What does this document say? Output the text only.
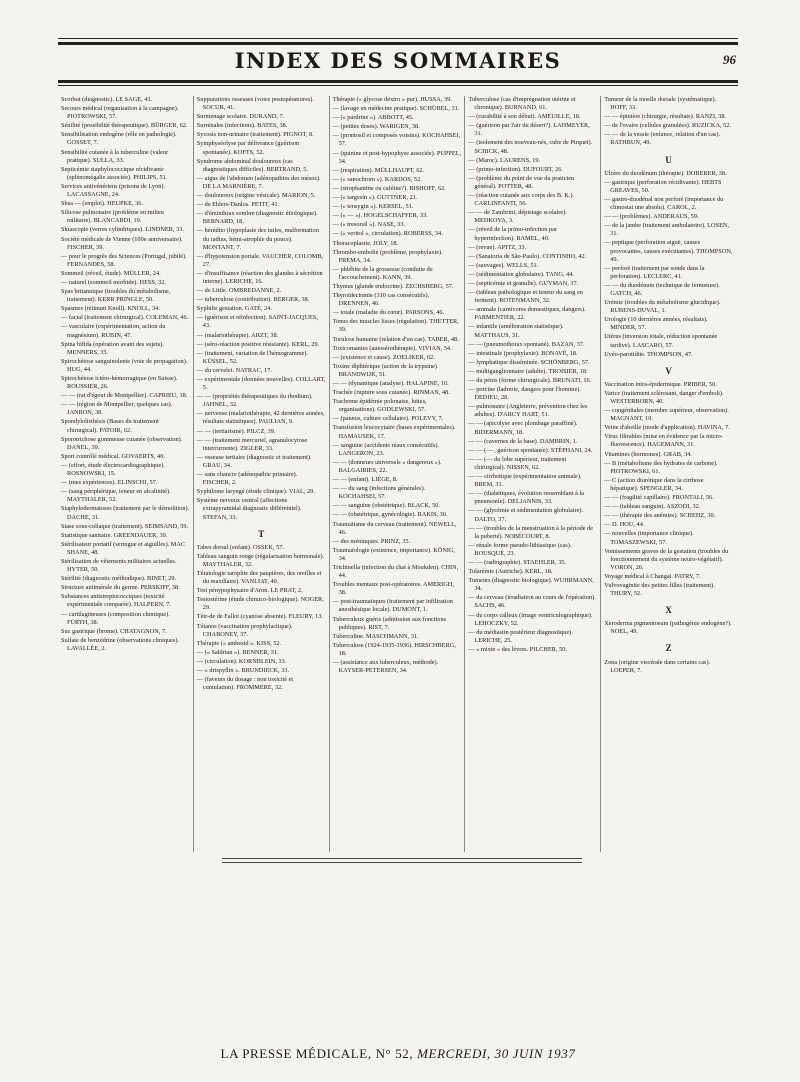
INDEX DES SOMMAIRES	96
Scorbut (diagnostic). LE SAGE, 43.
Secours médical (organisation à la campagne). PIOTROWSKI, 57.
Sénilité (possibilité thérapeutique). BÜRGER, 62.
Sensibilisation endogène (rôle en pathologie). GOSSET, 7.
Sensibilité cutanée à la tuberculine (valeur pratique). SULLA, 33.
Septicémie staphylococcique récidivante (splénomégalie associée). PHILIPS, 51.
Services antivénériens (prisons de Lyon). LACASSAGNE, 24.
Sbsa — (emploi). HEUPKE, 36.
Silicose pulmonaire (problème en milieu militaire). BLANCARDI, 19.
Skiascopie (verres cylindriques). LINDNER, 33.
Société médicale de Vienne (100e anniversaire). FISCHER, 39.
— pour le progrès des Sciences (Portugal, jubilé). FERNANDES, 58.
Sommeil (réveil, étude). MÜLLER, 24.
— naturel (sommeil morbide). HESS, 32.
Spas britannique (troubles du métabolisme, traitement). KERR PRINGLE, 50.
Spasmes (rétinum Knoll). KNOLL, 34.
— facial (traitement chirurgical). COLEMAN, 46.
— vasculaire (expérimentation, action du magnésium). RUBIN, 47.
Spina bifida (opération avant des sujets). MENNERS, 35.
Spirochétose sanguinolente (voie de propagation). HUG, 44.
Spirochétose ictéro-hémorragique (en Suisse). ROUSSIER, 26.
— — (rat d'égout de Montpellier). CAPRIEU, 18.
— — (région de Montpellier, quelques cas). JANBON, 38.
Spondylolisthésis (Bases du traitement chirurgical). PATOIR, 62.
Sporotrichose gommeuse cutanée (observation). DANEL, 39.
Sport contrôlé médical. GOVAERTS, 40.
— (effort, étude électrocardiographique). ROSNOWSKI, 15.
— (mes expériences). ELINSCHI, 57.
— (sang périphérique, teneur en alcalinité). MAYTHALER, 52.
Staphylodermatoses (traitement par le démolition). DACHE, 31.
Stase sous-coliaque (traitement). SEIMSAND, 59.
Statistique sanitaire. GREENDAUER, 39.
Stérilisateur portatif (seringue et aiguilles). MAC SHANE, 48.
Stérilisation de vêtements militaires actuelles. HYTER, 50.
Stérilité (diagnostic méthodique). BINET, 29.
Structure antimérale du germe. PERSKIFF, 38.
Substances antistreptococciques (toxicité expérimentale comparée). HALPERN, 7.
— cartilagineuses (composition chimique). FÜRTH, 38.
Suc gastrique (brome). CHATAGNON, 7.
Sulfate de benzédrine (observations cliniques). LAVALLÉE, 2.
Suppurations osseuses (voies postopératoires). SOCUR, 41.
Surmenage scolaire. DURAND, 7.
Surrénales (infections). BATES, 38.
Sycosis non-urinaire (traitement). PIGNOT, 8.
Symphyséolyse par délivrance (guérison spontanée). KOFTS, 52.
Syndrome abdominal douloureux (cas diagnostiques difficiles). BERTRAND, 5.
— aigus de l'abdomen (adénopathies des mésos). DE LA MARNIÈRE, 7.
— douloureux (origine vésicale). MARION, 5.
— de Ehlers-Danlos. PETIT, 41.
— d'éminthrax sombre (diagnostic étiologique). BERNARD, 18.
— hérédito (hypoplasie des tuiles, malformation du radius, hémi-atrophie du pouce). MONTANT, 7.
— d'hypotension portale. VAUCHER, COLOMB, 27.
— d'insuffisance (réaction des glandes à sécrétion interne). LERICHE, 16.
— de Little. OMBREDANNE, 2.
— tuberculose (contribution). BERGER, 38.
Syphilis gestation. GATÉ, 24.
— (guérison et réinfection). SAINT-JACQUES, 43.
— (malariothérapie). ARZT, 38.
— (séro-réaction positive résistante). KERL, 29.
— (traitement, variation de l'hémogramme). KÜSSEL, 52.
— du cervelet. NATRAC, 17.
— expérimentale (données nouvelles). COLLART, 5.
— — (propriétés thérapeutiques du rhodium). JAHNEL, 32.
— nerveuse (malariothérapie, 42 dernières années, résultats statistiques). PAULIAN, 9.
— — (tertiarisme). PILCZ, 39.
— — (traitement mercuriel, agranulocytose intercurrente). ZIGLER, 33.
— osseuse tertiaire (diagnostic et traitement). GRAU, 34.
— sans chancre (adénopathie primaire). FISCHER, 2.
Syphilome laryngé (étude clinique). VIAL, 29.
Système nerveux central (affections extrapyramidal diagnostic différentiel). STEFAN, 33.
T
Tabes dorsal (enfant). OSSEK, 57.
Tableau sanguin rouge (régularisation hormonale). MAYTHALER, 32.
Tératologie tarophie des paupières, des oreilles et du maxillaire). VANLIAT, 40.
Test pénypophysaire d'Aron. LE PRAT, 2.
Testostérine (étude chimico-biologique). NOGER, 29.
Tétr-de de Fallot (cyanose absente). FLEURY, 13.
Tétanos (vaccination prophylactique). CHABONEY, 37.
Thérapie (« ambesid ». KISS, 52.
— (« Saldrian »). RENNER, 31.
— (circulation). KORNBLEIN, 33.
— « drispyllin ». BRUNDIECK, 33.
— (faveurs du dosage : non toxicité et cumulation). FROMMERE, 32.
Thérapie (« glycose dextro » pur). HUSSA, 39.
— (lavage en médecine pratique). SCHÜBEL, 31.
— (« pardrine »). ABBOTT, 45.
— (petites doses). WARIGEN, 38.
— (prontosil et composés voisins). KOCHAHSEI, 57.
— (quinine et post-hypophyse associée). PUPPEL, 34.
— (respiration). MÜLLHAUPT, 62.
— (« sanochrom »). KARDOS, 52.
— (strophantine ou caféine?). BISHOFF, 62.
— (« targesin »). GUTTNER, 21.
— (« tensygin »). KERSEL, 51.
— (« — »). HOGELSCHAFFER, 33.
— (« tresorsil »). NASE, 33.
— (« veritol », circulation). ROBERSS, 34.
Thoracoplastie. JOLY, 18.
Thrombo-embolie (problème, prophylaxie). PREMA, 34.
— phlébite de la grossesse (conduite de l'accouchement). KANN, 39.
Thymus (glande endocrine). ZECHSHERG, 57.
Thyroïdectomie (310 cas consécutifs). DRENNEN, 46.
— totale (maladie du cœur). PARSONS, 46.
Tonus des muscles lisses (régulation). THETTER, 39.
Torulose humaine (relation d'un cas). TABER, 48.
Toxicomanies (autosérothérapie). VIVIAN, 54.
— (existence et cause). ZOELIKER, 62.
Toxine diphtérique (action de la trypsine). BRANDWIJK, 51.
— — (dynamique (analyse). HALAPINE, 10.
Trachée (rupture sous cutanée). RINMAN, 48.
Trachome épidémie polonaise, luttes, organisations). GODLEWSKI, 57.
— (pannus, culture cellulaire). POLEVY, 7.
Transfusion leucocytaire (bases expérimentales). HAMAUSEK, 17.
— sanguine (accidents réaux consécutifs). LANGERON, 23.
— — (donneurs universels « dangereux »). BALGAIRIES, 22.
— — (enfant). LIÉGE, 8.
— — du sang (infections générales). KOCHAHSEI, 57.
— — sanguine (obstétrique). BLACK, 50.
— — (obstétrique, gynécologie). RAKIS, 30.
Traumatisme du cerveau (traitement). NEWELL, 46.
— des méninques. PRINZ, 35.
Traumatologie (existence, importance). KÖNIG, 34.
Trichinella (infection du chat à Moukden). CHIN, 44.
Troubles mentaux post-opératoires. AMERIGH, 38.
— post-traumatiques (traitement par infiltration anesthésique locale). DUMONT, 1.
Tuberculeux guéris (admission aux fonctions publiques). RIST, 7.
Tuberculine. MASCHMANN, 31.
Tuberculose (1924-1935-1936). HIRSCHBERG, 18.
— (assistance aux tuberculeux, méthode). KAYSER-PETERSEN, 34.
Tuberculose (cas d'imprégnation utérine et chronique). BURNAND, 61.
— (curabilité à son début). AMEUILLE, 18.
— (guérison par l'air du désert?). LAHMEYER, 31.
— (isolement des nouveau-nés, cube de Pirquet). SCHICK, 48.
— (Maroc). LAURENS, 19.
— (primo-infection). DUFOURT, 26.
— (problème du point de vue du praticien général). POTTER, 48.
— (réaction cutanée aux corps des B. K.). CARLINFANTI, 56.
— — de Zambrini, dépistage scolaire). MEDKOVA, 3.
— (réveil de la primo-infection par hyperinfection). RAMEL, 40.
— (revue). APITZ, 33.
— (Sanatoria de São-Paulo). CONTINHO, 42.
— (sauvages). WELLS, 51.
— (sédimentation globulaire). TANG, 44.
— (septicémie et granulie). GUYMAN, 37.
— (tableau pathologique et teneur du sang en ferment). ROTENMANN, 32.
— animale (carnivores domestiques, dangers). PARMENTIER, 22.
— infantile (amélioration statistique). MATTHAUS, 31.
— — (pneumothorax spontané). BAZAN, 37.
— intestinale (prophylaxie). BONAVÉ, 18.
— lymphatique disséminée. SCHÖNBERG, 57.
— multiganglionnaire (adulte). TROISIER, 18.
— du pénis (forme chirurgicale). BRUNATI, 16.
— porcine (ladrerie, dangers pour l'homme). DEDIEU, 28.
— pulmonaire (Angleterre, prévention chez les adultes). D'ARCY HART, 51.
— — (apicolyse avec plombage paraffiné). BIDERMANN, 18.
— — (cavernes de la base). DAMBRIN, 1.
— — (— , guérison spontanée). STÉPHANI, 24.
— — (— du lobe supérieur, traitement chirurgical). NISSEN, 62.
— — cirrhotique (expérimentation animale). BREM, 31.
— — (diabétiques, évolution ressemblant à la pneumonie). DELJANNIS, 33.
— — (glycémie et sédimentation globulaire). DALTO, 37.
— — (troubles de la menstruation à la période de la puberté). NOBÉCOURT, 8.
— rénale forme pseudo-lithiasique (cas). BOUSQUÉ, 23.
— — (radiographie). STAEHLER, 35.
Tularémie (Autriche). KERL, 18.
Tumeurs (diagnostic biologique). WUHRMANN, 34.
— du cerveau (irradiation au cours de l'opération). SACHS, 46.
— du corps calleux (image ventriculographique). LEHOCZKY, 52.
— du médiastin postérieur diagnostique). LERICHE, 25.
— « mixte » des lèvres. PILCHER, 50.
Tumeur de la moelle dorsale (systématique). HOFF, 33.
— — épinière (chirurgie, résultats). RANZI, 38.
— de l'ovaire (cellules granulées). RUZICKA, 52.
— — de la vessie (enfance, relation d'un cas). RATHBUN, 49.
U
Ulcère du duodénum (thérapie). DOBERER, 38.
— gastrique (perforation récidivante). HEBTS GREAVES, 50.
— gastro-duodénal non perforé (importance du climostat une absolu). CAROL, 2.
— — (problèmes). ANDERAUS, 59.
— de la jambe (traitement ambulatoire). LOSEN, 31.
— peptique (perforation aiguë, causes provocantes, causes exécutantes). THOMPSON, 49.
— perforé (traitement par sonde dans la perforation). LECLERC, 41.
— — du duodénum (technique de fermeture). GATCH, 46.
Urémie (troubles du métabolisme glucidique). RUBENS-DUVAL, 1.
Urologie (10 dernières années, résultats). MINDER, 57.
Utérus (inversion totale, réduction spontanée tardive). LASCARO, 57.
Uvéo-parotidite. THOMPSON, 47.
V
Vaccination intra-épidermique. PRIBER, 50.
Varice (traitement sclérosant, danger d'emboli). WESTERBORN, 40.
— congénitales (membre supérieur, observation). MAGNANT, 10.
Veine d'abeille (mode d'application). HAVINA, 7.
Virus filtrables (mise en évidence par la micro-fluorescence). HAGEMANN, 31.
Vitamines (hormones). GRAB, 34.
— B (métabolisme des hydrates de carbone). PIOTROWSKI, 61.
— C (action diurétique dans la cirrhose hépatique). SPENGLER, 34.
— — (fragilité capillaire). FRONTALI, 56.
— — (tableau sanguin). ASZODI, 32.
— — (thérapie des anémies). SCHEHZ, 30.
— D. HOU, 44.
— nouvelles (importance clinique). TOMASZEWSKI, 57.
Vomissements graves de la gestation (troubles du fonctionnement du système neuro-végétatif). VORON, 26.
Voyage médical à Changai. PATRY, 7.
Vulvovaginite des petites filles (traitement). THURY, 52.
X
Xeroderma pigmentosum (pathogénie endogène?). NOEL, 49.
Z
Zona (origine viscérale dans certains cas). LOEPER, 7.
LA PRESSE MÉDICALE, N° 52, MERCREDI, 30 JUIN 1937
